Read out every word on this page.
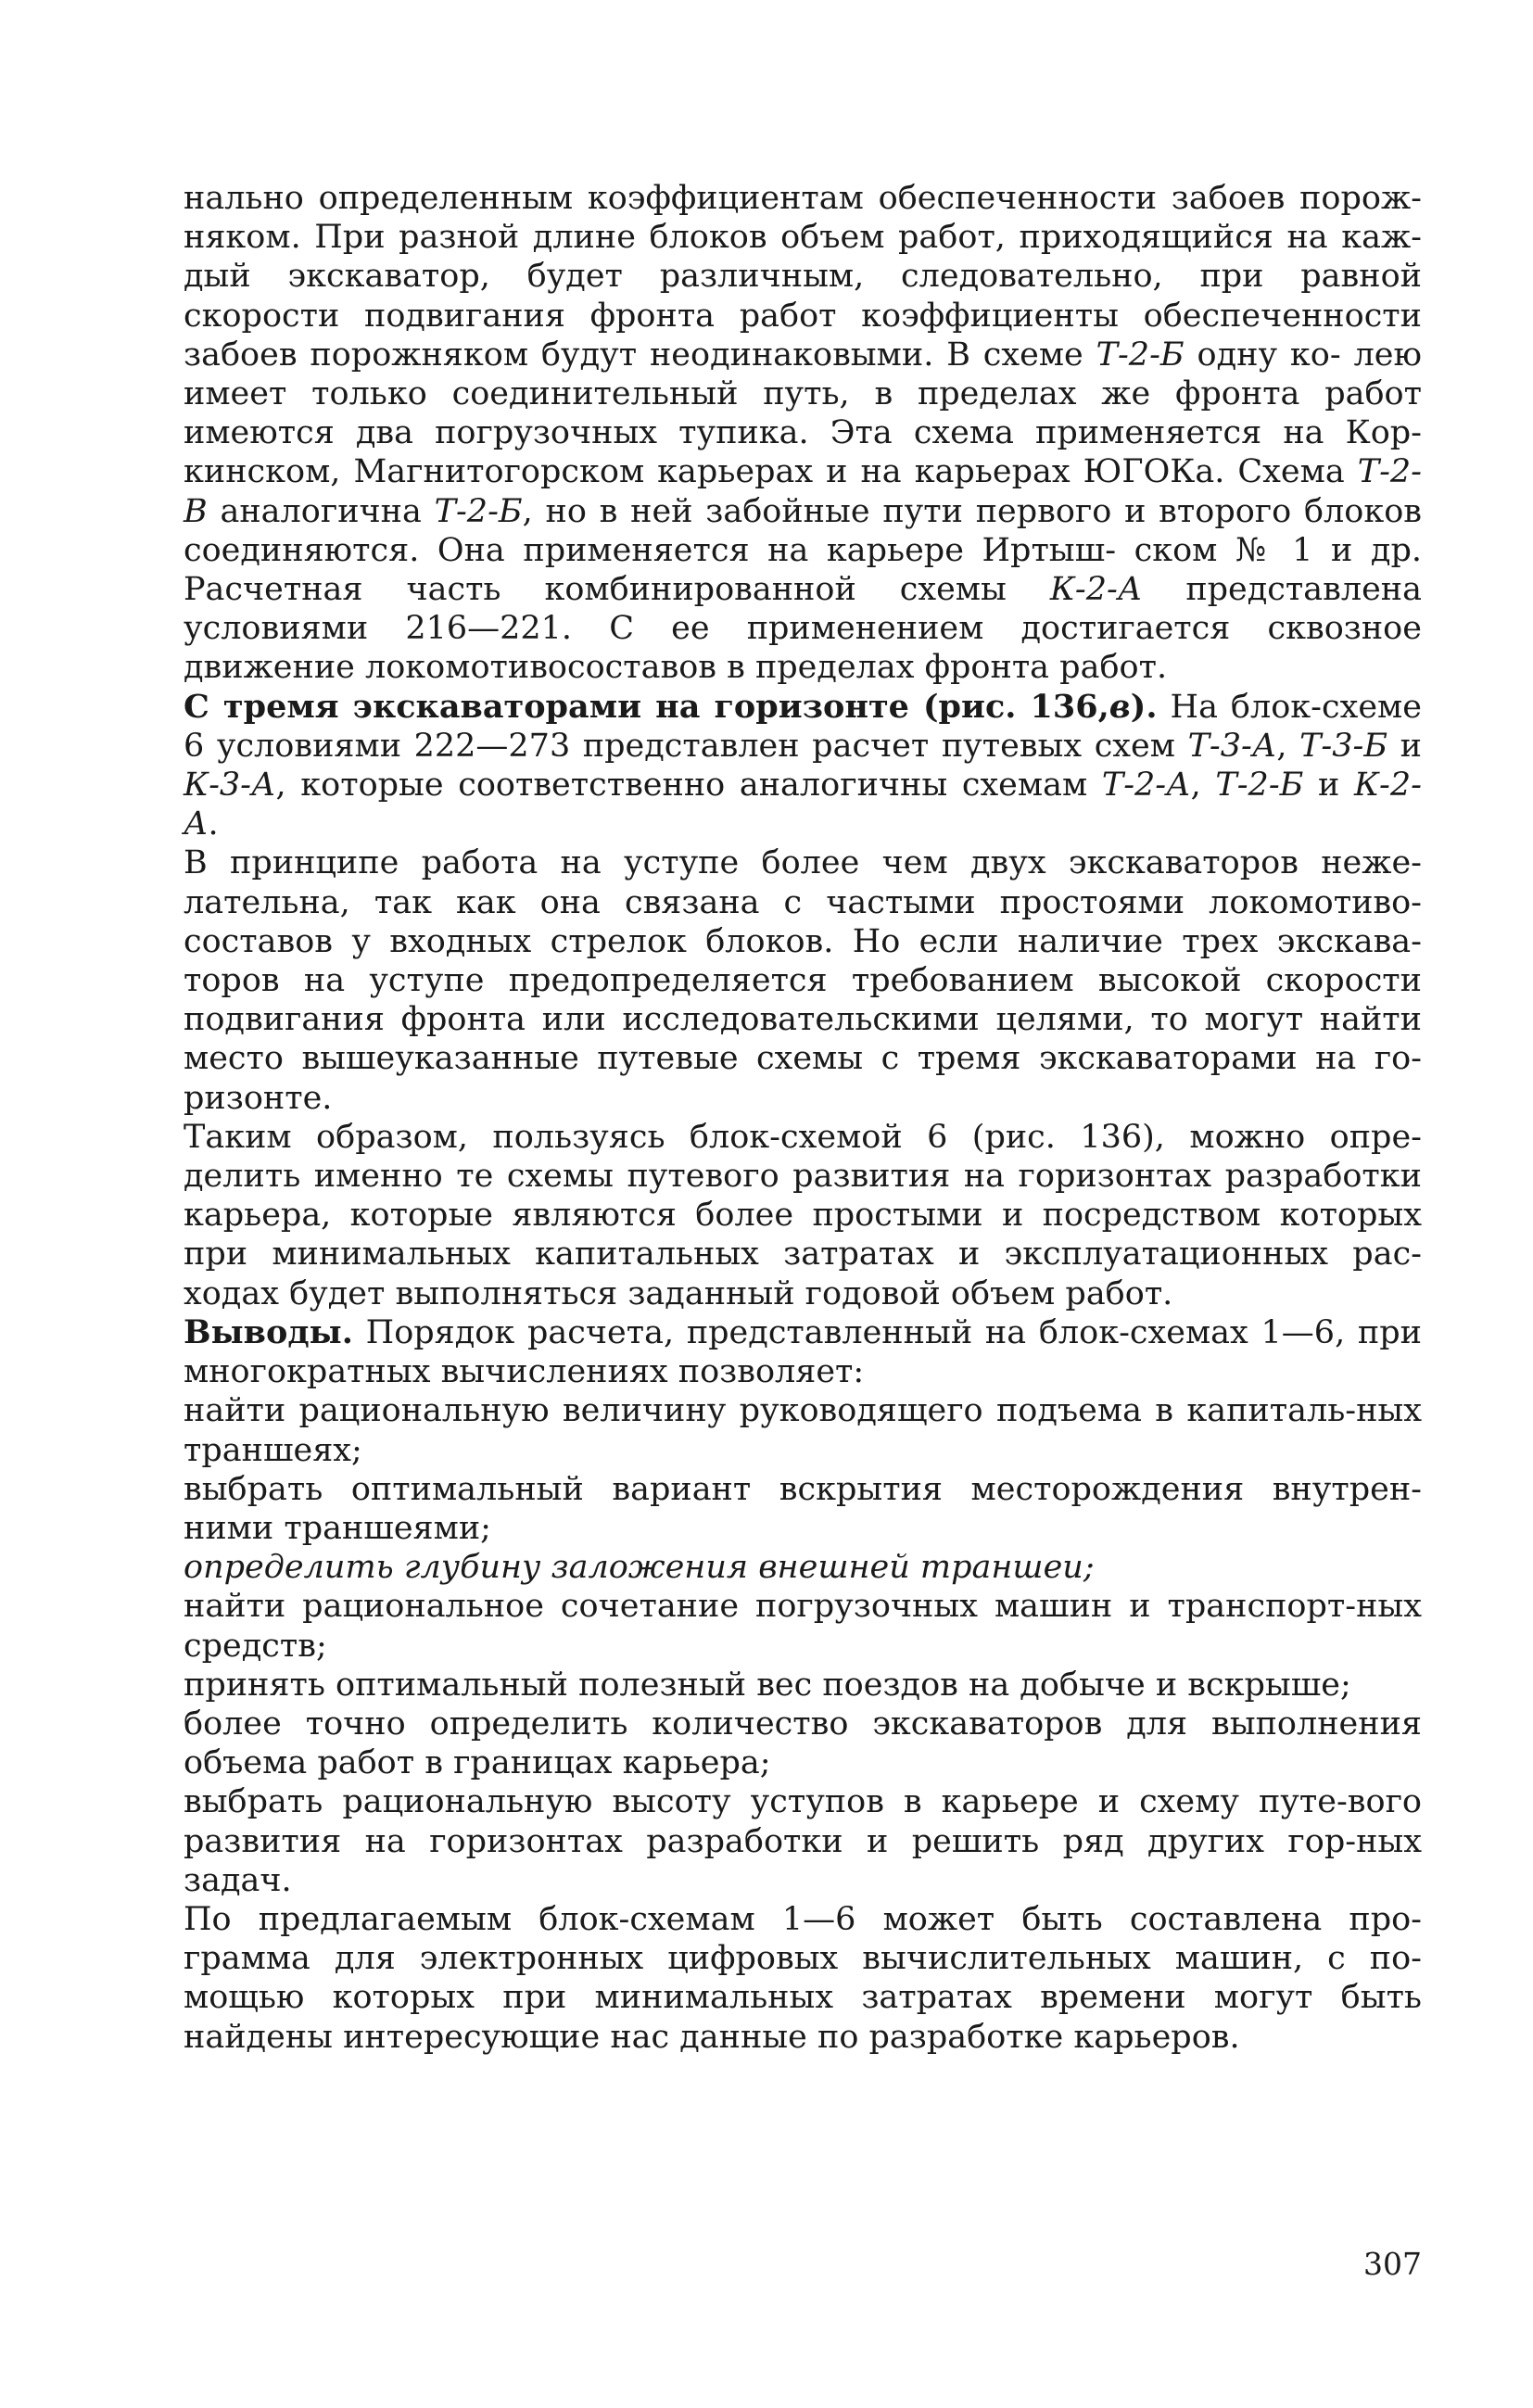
нально определенным коэффициентам обеспеченности забоев порож- няком. При разной длине блоков объем работ, приходящийся на каж- дый экскаватор, будет различным, следовательно, при равной скорости подвигания фронта работ коэффициенты обеспеченности забоев порожняком будут неодинаковыми. В схеме Т-2-Б одну ко- лею имеет только соединительный путь, в пределах же фронта работ имеются два погрузочных тупика. Эта схема применяется на Кор- кинском, Магнитогорском карьерах и на карьерах ЮГОКа. Схема Т-2-В аналогична Т-2-Б, но в ней забойные пути первого и второго блоков соединяются. Она применяется на карьере Иртыш- ском № 1 и др. Расчетная часть комбинированной схемы К-2-А представлена условиями 216—221. С ее применением достигается сквозное движение локомотивосоставов в пределах фронта работ.

С тремя экскаваторами на горизонте (рис. 136,в). На блок-схеме 6 условиями 222—273 представлен расчет путевых схем Т-3-А, Т-3-Б и К-3-А, которые соответственно аналогичны схемам Т-2-А, Т-2-Б и К-2-А.

В принципе работа на уступе более чем двух экскаваторов неже-лательна, так как она связана с частыми простоями локомотиво-составов у входных стрелок блоков. Но если наличие трех экскава-торов на уступе предопределяется требованием высокой скорости подвигания фронта или исследовательскими целями, то могут найти место вышеуказанные путевые схемы с тремя экскаваторами на го-ризонте.

Таким образом, пользуясь блок-схемой 6 (рис. 136), можно опре-делить именно те схемы путевого развития на горизонтах разработки карьера, которые являются более простыми и посредством которых при минимальных капитальных затратах и эксплуатационных рас-ходах будет выполняться заданный годовой объем работ.

Выводы. Порядок расчета, представленный на блок-схемах 1—6, при многократных вычислениях позволяет:

найти рациональную величину руководящего подъема в капиталь-ных траншеях;

выбрать оптимальный вариант вскрытия месторождения внутрен-ними траншеями;

определить глубину заложения внешней траншеи;

найти рациональное сочетание погрузочных машин и транспорт-ных средств;

принять оптимальный полезный вес поездов на добыче и вскрыше;

более точно определить количество экскаваторов для выполнения объема работ в границах карьера;

выбрать рациональную высоту уступов в карьере и схему путе-вого развития на горизонтах разработки и решить ряд других гор-ных задач.

По предлагаемым блок-схемам 1—6 может быть составлена про-грамма для электронных цифровых вычислительных машин, с по-мощью которых при минимальных затратах времени могут быть найдены интересующие нас данные по разработке карьеров.

307
